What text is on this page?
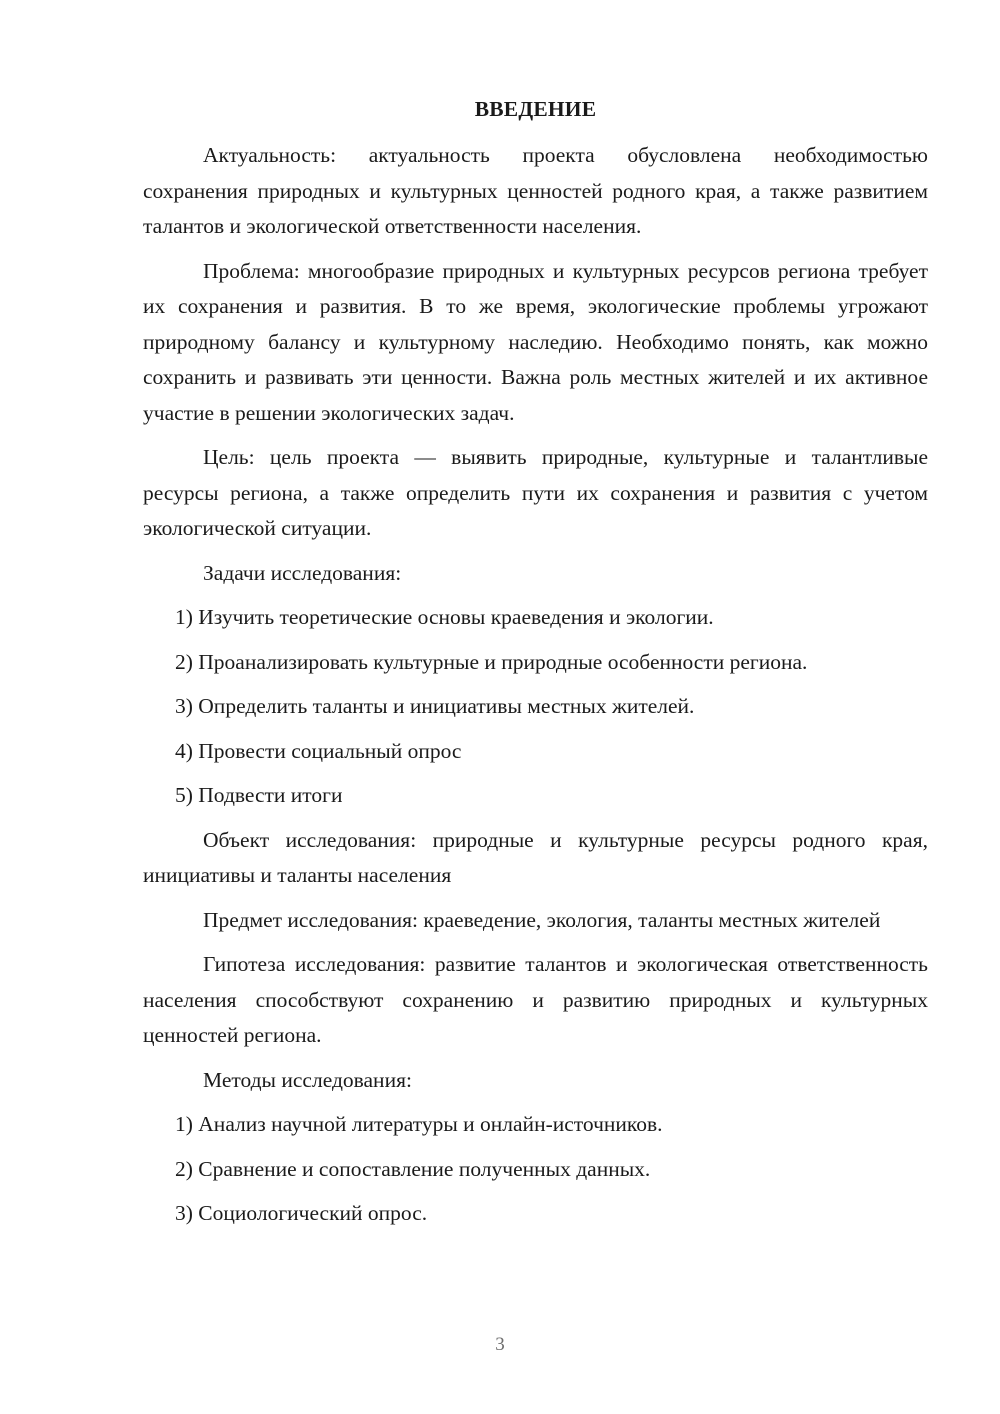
ВВЕДЕНИЕ

Актуальность: актуальность проекта обусловлена необходимостью сохранения природных и культурных ценностей родного края, а также развитием талантов и экологической ответственности населения.

Проблема: многообразие природных и культурных ресурсов региона требует их сохранения и развития. В то же время, экологические проблемы угрожают природному балансу и культурному наследию. Необходимо понять, как можно сохранить и развивать эти ценности. Важна роль местных жителей и их активное участие в решении экологических задач.

Цель: цель проекта — выявить природные, культурные и талантливые ресурсы региона, а также определить пути их сохранения и развития с учетом экологической ситуации.

Задачи исследования:
1) Изучить теоретические основы краеведения и экологии.
2) Проанализировать культурные и природные особенности региона.
3) Определить таланты и инициативы местных жителей.
4) Провести социальный опрос
5) Подвести итоги

Объект исследования: природные и культурные ресурсы родного края, инициативы и таланты населения

Предмет исследования: краеведение, экология, таланты местных жителей

Гипотеза исследования: развитие талантов и экологическая ответственность населения способствуют сохранению и развитию природных и культурных ценностей региона.

Методы исследования:
1) Анализ научной литературы и онлайн-источников.
2) Сравнение и сопоставление полученных данных.
3) Социологический опрос.
3
